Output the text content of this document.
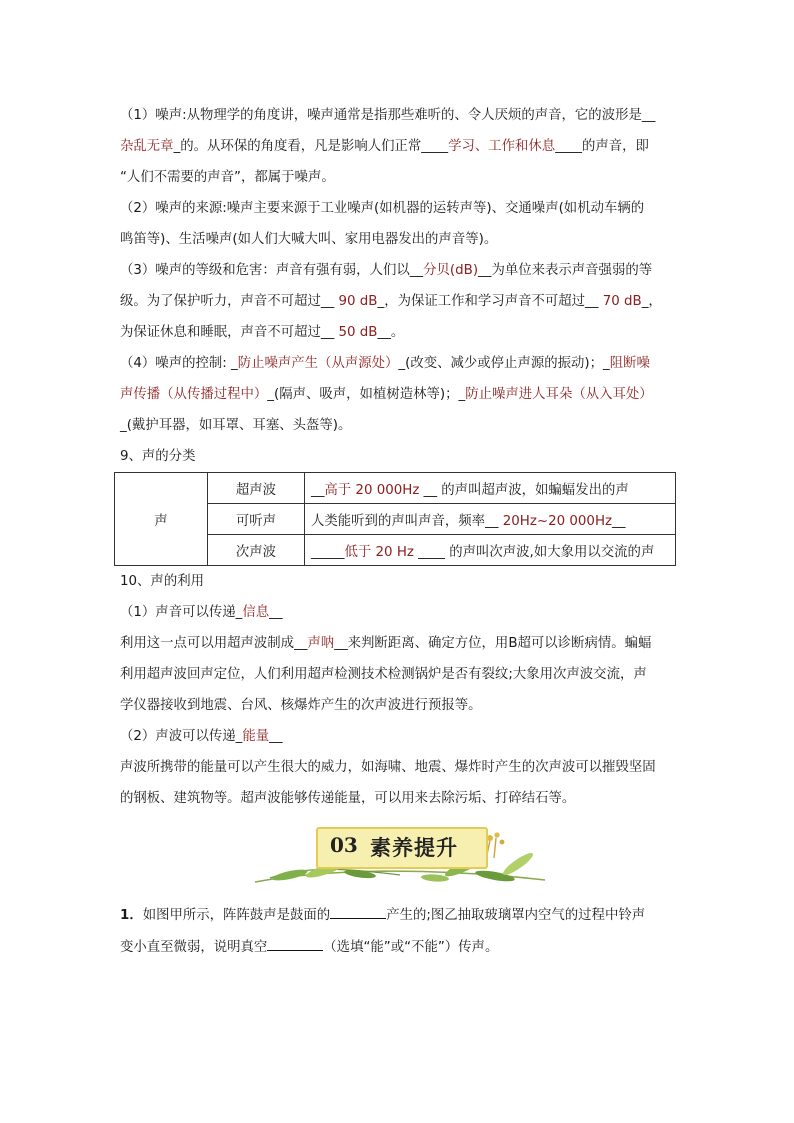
（1）噪声:从物理学的角度讲，噪声通常是指那些难听的、令人厌烦的声音，它的波形是__
杂乱无章_的。从环保的角度看，凡是影响人们正常____学习、工作和休息____的声音，即
“人们不需要的声音”，都属于噪声。
（2）噪声的来源:噪声主要来源于工业噪声(如机器的运转声等)、交通噪声(如机动车辆的
鸣笛等)、生活噪声(如人们大喊大叫、家用电器发出的声音等)。
（3）噪声的等级和危害：声音有强有弱，人们以__分贝(dB)__为单位来表示声音强弱的等
级。为了保护听力，声音不可超过__ 90 dB_，为保证工作和学习声音不可超过__ 70 dB_，
为保证休息和睡眠，声音不可超过__ 50 dB__。
（4）噪声的控制: _防止噪声产生（从声源处）_(改变、减少或停止声源的振动)；_阻断噪
声传播（从传播过程中）_(隔声、吸声，如植树造林等)；_防止噪声进人耳朵（从入耳处）
_(戴护耳器，如耳罩、耳塞、头盔等)。
9、声的分类
声	超声波	__高于 20 000Hz __ 的声叫超声波，如蝙蝠发出的声
	可听声	人类能听到的声叫声音，频率__ 20Hz~20 000Hz__
	次声波	_____低于 20 Hz ____ 的声叫次声波,如大象用以交流的声
10、声的利用
（1）声音可以传递_信息__
利用这一点可以用超声波制成__声呐__来判断距离、确定方位，用B超可以诊断病情。蝙蝠
利用超声波回声定位，人们利用超声检测技术检测锅炉是否有裂纹;大象用次声波交流，声
学仪器接收到地震、台风、核爆炸产生的次声波进行预报等。
（2）声波可以传递_能量__
声波所携带的能量可以产生很大的威力，如海啸、地震、爆炸时产生的次声波可以摧毁坚固
的钢板、建筑物等。超声波能够传递能量，可以用来去除污垢、打碎结石等。
03 素养提升
1．如图甲所示，阵阵鼓声是鼓面的	产生的;图乙抽取玻璃罩内空气的过程中铃声
变小直至微弱，说明真空	（选填“能”或“不能”）传声。
